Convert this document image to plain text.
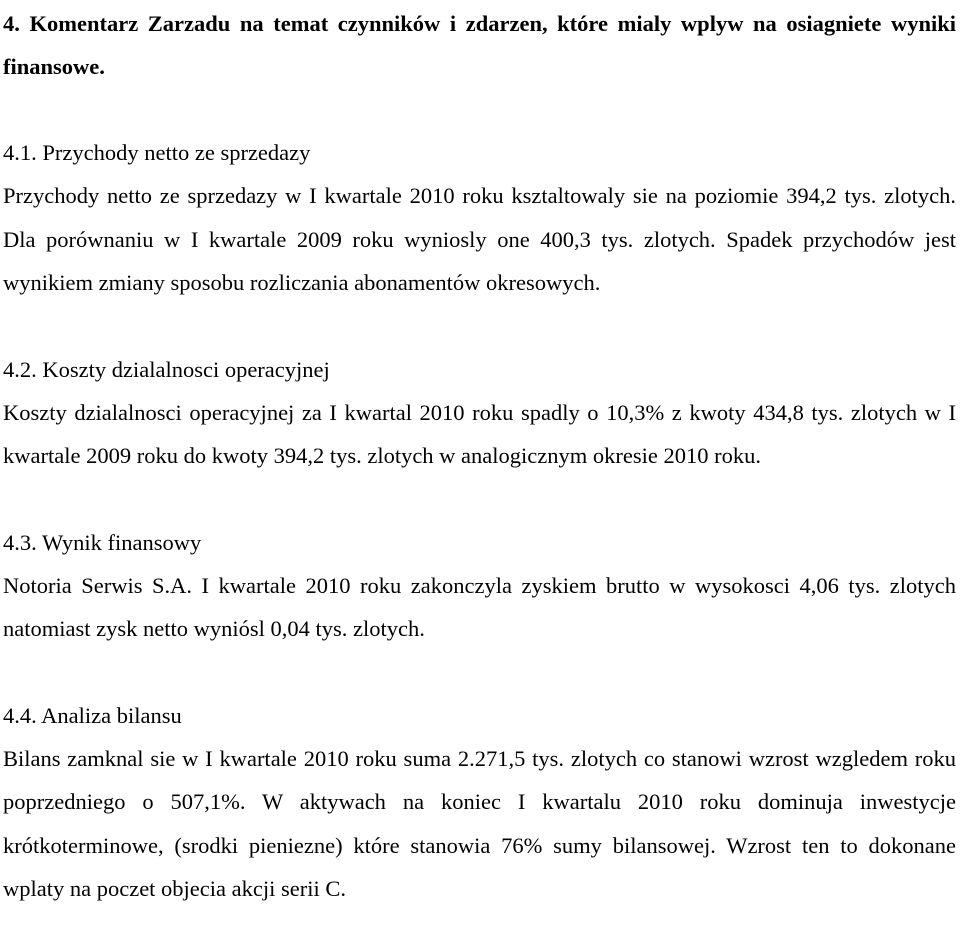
4. Komentarz Zarzadu na temat czynników i zdarzen, które mialy wplyw na osiagniete wyniki finansowe.
4.1. Przychody netto ze sprzedazy

Przychody netto ze sprzedazy w I kwartale 2010 roku ksztaltowaly sie na poziomie 394,2 tys. zlotych. Dla porównaniu w I kwartale 2009 roku wyniosly one 400,3 tys. zlotych. Spadek przychodów jest wynikiem zmiany sposobu rozliczania abonamentów okresowych.

4.2. Koszty dzialalnosci operacyjnej

Koszty dzialalnosci operacyjnej za I kwartal 2010 roku spadly o 10,3% z kwoty 434,8 tys. zlotych w I kwartale 2009 roku do kwoty 394,2 tys. zlotych w analogicznym okresie 2010 roku.

4.3. Wynik finansowy

Notoria Serwis S.A. I kwartale 2010 roku zakonczyla zyskiem brutto w wysokosci 4,06 tys. zlotych natomiast zysk netto wyniósl 0,04 tys. zlotych.

4.4. Analiza bilansu

Bilans zamknal sie w I kwartale 2010 roku suma 2.271,5 tys. zlotych co stanowi wzrost wzgledem roku poprzedniego o 507,1%. W aktywach na koniec I kwartalu 2010 roku dominuja inwestycje krótkoterminowe, (srodki pieniezne) które stanowia 76% sumy bilansowej. Wzrost ten to dokonane wplaty na poczet objecia akcji serii C.
